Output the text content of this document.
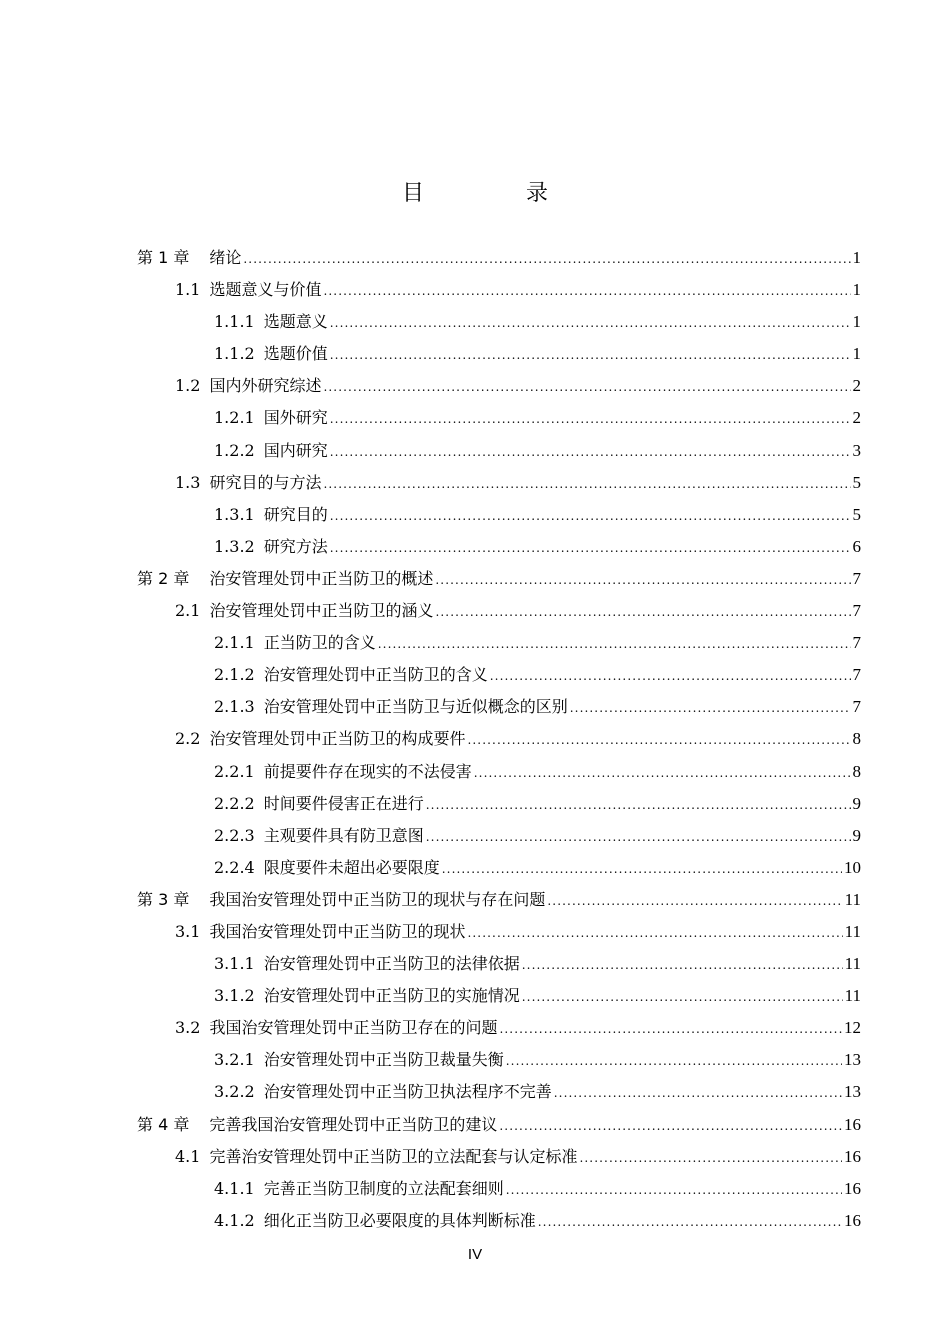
目　录
第 1 章 绪论 .....	1
1.1 选题意义与价值 .....	1
1.1.1 选题意义 .....	1
1.1.2 选题价值 .....	1
1.2 国内外研究综述 .....	2
1.2.1 国外研究 .....	2
1.2.2 国内研究 .....	3
1.3 研究目的与方法 .....	5
1.3.1 研究目的 .....	5
1.3.2 研究方法 .....	6
第 2 章 治安管理处罚中正当防卫的概述 .....	7
2.1 治安管理处罚中正当防卫的涵义 .....	7
2.1.1 正当防卫的含义 .....	7
2.1.2 治安管理处罚中正当防卫的含义 .....	7
2.1.3 治安管理处罚中正当防卫与近似概念的区别 .....	7
2.2 治安管理处罚中正当防卫的构成要件 .....	8
2.2.1 前提要件存在现实的不法侵害 .....	8
2.2.2 时间要件侵害正在进行 .....	9
2.2.3 主观要件具有防卫意图 .....	9
2.2.4 限度要件未超出必要限度 .....	10
第 3 章 我国治安管理处罚中正当防卫的现状与存在问题 .....	11
3.1 我国治安管理处罚中正当防卫的现状 .....	11
3.1.1 治安管理处罚中正当防卫的法律依据 .....	11
3.1.2 治安管理处罚中正当防卫的实施情况 .....	11
3.2 我国治安管理处罚中正当防卫存在的问题 .....	12
3.2.1 治安管理处罚中正当防卫裁量失衡 .....	13
3.2.2 治安管理处罚中正当防卫执法程序不完善 .....	13
第 4 章 完善我国治安管理处罚中正当防卫的建议 .....	16
4.1 完善治安管理处罚中正当防卫的立法配套与认定标准 .....	16
4.1.1 完善正当防卫制度的立法配套细则 .....	16
4.1.2 细化正当防卫必要限度的具体判断标准 .....	16
IV
